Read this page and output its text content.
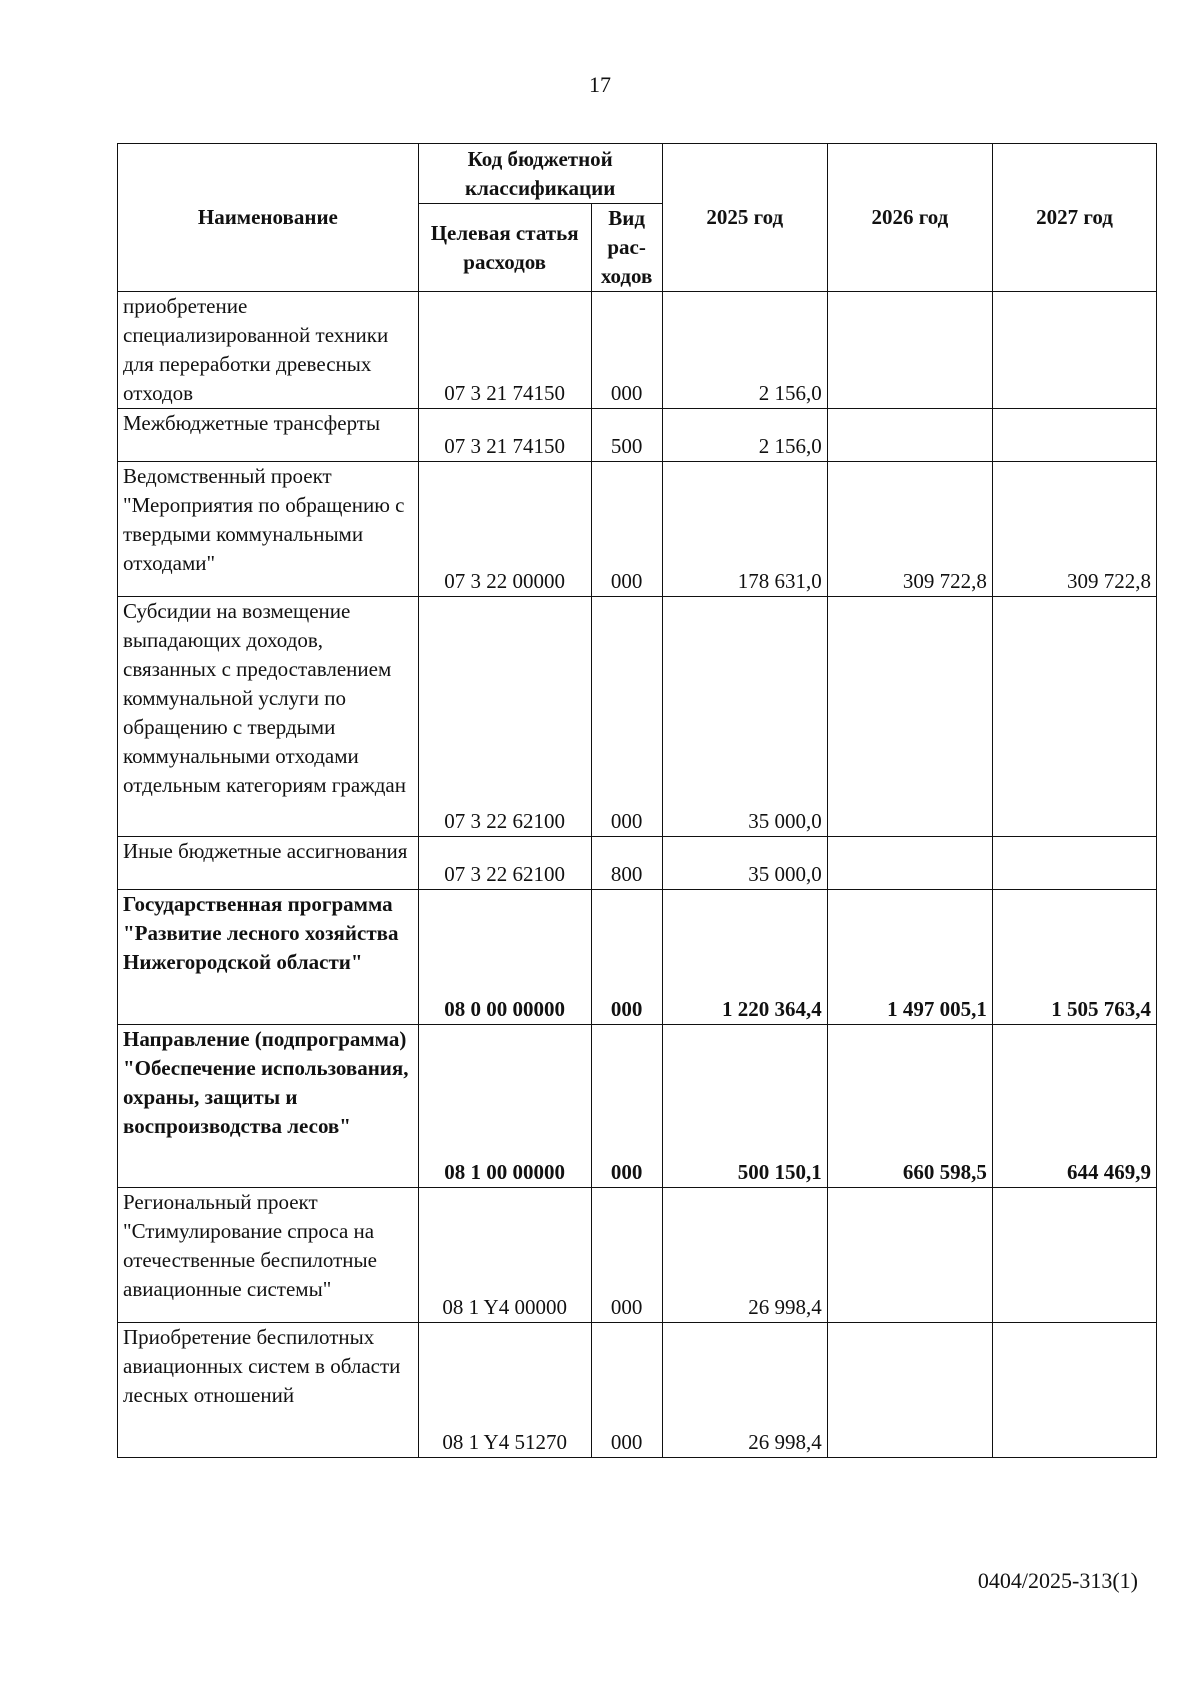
17
Наименование	Код бюджетной классификации		2025 год	2026 год	2027 год
	Целевая статья расходов	Вид рас-ходов			
приобретение специализированной техники для переработки древесных отходов	07 3 21 74150	000	2 156,0		
Межбюджетные трансферты	07 3 21 74150	500	2 156,0		
Ведомственный проект "Мероприятия по обращению с твердыми коммунальными отходами"	07 3 22 00000	000	178 631,0	309 722,8	309 722,8
Субсидии на возмещение выпадающих доходов, связанных с предоставлением коммунальной услуги по обращению с твердыми коммунальными отходами отдельным категориям граждан	07 3 22 62100	000	35 000,0		
Иные бюджетные ассигнования	07 3 22 62100	800	35 000,0		
Государственная программа "Развитие лесного хозяйства Нижегородской области"	08 0 00 00000	000	1 220 364,4	1 497 005,1	1 505 763,4
Направление (подпрограмма) "Обеспечение использования, охраны, защиты и воспроизводства лесов"	08 1 00 00000	000	500 150,1	660 598,5	644 469,9
Региональный проект "Стимулирование спроса на отечественные беспилотные авиационные системы"	08 1 Y4 00000	000	26 998,4		
Приобретение беспилотных авиационных систем в области лесных отношений	08 1 Y4 51270	000	26 998,4		
0404/2025-313(1)
